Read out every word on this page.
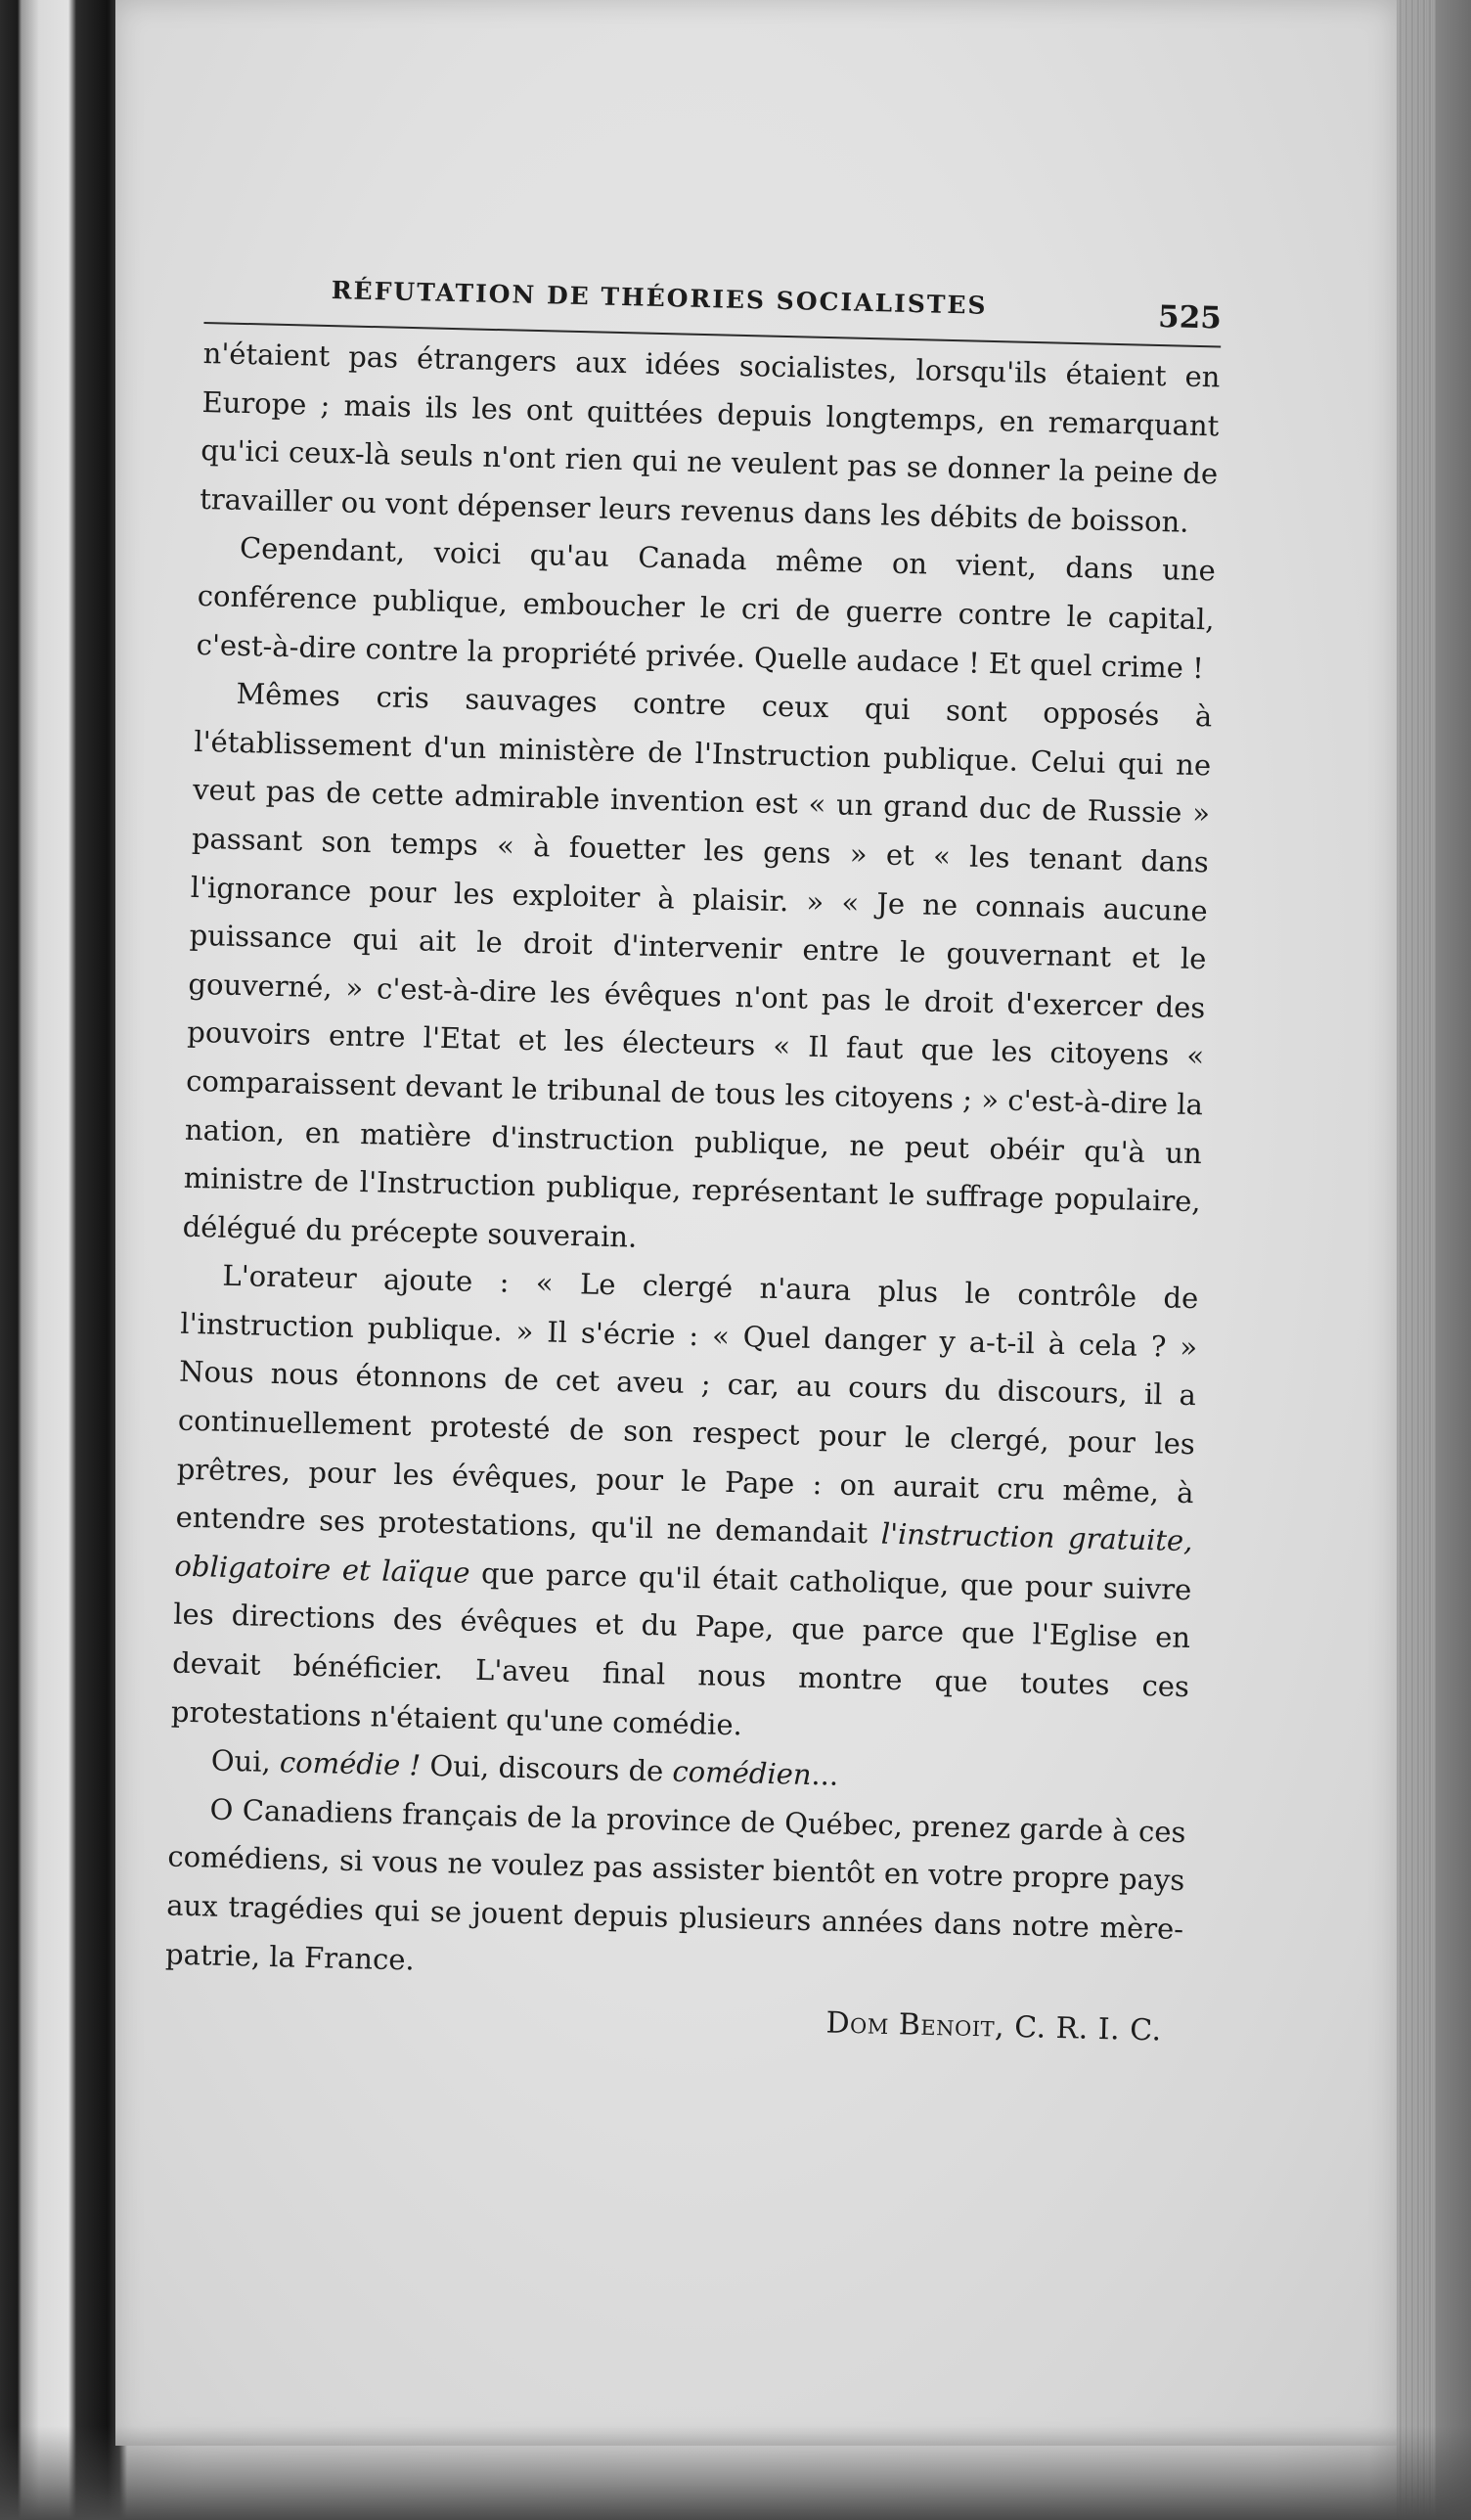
RÉFUTATION DE THÉORIES SOCIALISTES	525

n'étaient pas étrangers aux idées socialistes, lorsqu'ils étaient en Europe ; mais ils les ont quittées depuis longtemps, en remarquant qu'ici ceux-là seuls n'ont rien qui ne veulent pas se donner la peine de travailler ou vont dépenser leurs revenus dans les débits de boisson.

Cependant, voici qu'au Canada même on vient, dans une conférence publique, emboucher le cri de guerre contre le capital, c'est-à-dire contre la propriété privée. Quelle audace ! Et quel crime !

Mêmes cris sauvages contre ceux qui sont opposés à l'établissement d'un ministère de l'Instruction publique. Celui qui ne veut pas de cette admirable invention est « un grand duc de Russie » passant son temps « à fouetter les gens » et « les tenant dans l'ignorance pour les exploiter à plaisir. » « Je ne connais aucune puissance qui ait le droit d'intervenir entre le gouvernant et le gouverné, » c'est-à-dire les évêques n'ont pas le droit d'exercer des pouvoirs entre l'Etat et les électeurs « Il faut que les citoyens « comparaissent devant le tribunal de tous les citoyens ; » c'est-à-dire la nation, en matière d'instruction publique, ne peut obéir qu'à un ministre de l'Instruction publique, représentant le suffrage populaire, délégué du précepte souverain.

L'orateur ajoute : « Le clergé n'aura plus le contrôle de l'instruction publique. » Il s'écrie : « Quel danger y a-t-il à cela ? » Nous nous étonnons de cet aveu ; car, au cours du discours, il a continuellement protesté de son respect pour le clergé, pour les prêtres, pour les évêques, pour le Pape : on aurait cru même, à entendre ses protestations, qu'il ne demandait l'instruction gratuite, obligatoire et laïque que parce qu'il était catholique, que pour suivre les directions des évêques et du Pape, que parce que l'Eglise en devait bénéficier. L'aveu final nous montre que toutes ces protestations n'étaient qu'une comédie.

Oui, comédie ! Oui, discours de comédien...

O Canadiens français de la province de Québec, prenez garde à ces comédiens, si vous ne voulez pas assister bientôt en votre propre pays aux tragédies qui se jouent depuis plusieurs années dans notre mère-patrie, la France.

Dom Benoit, C. R. I. C.
